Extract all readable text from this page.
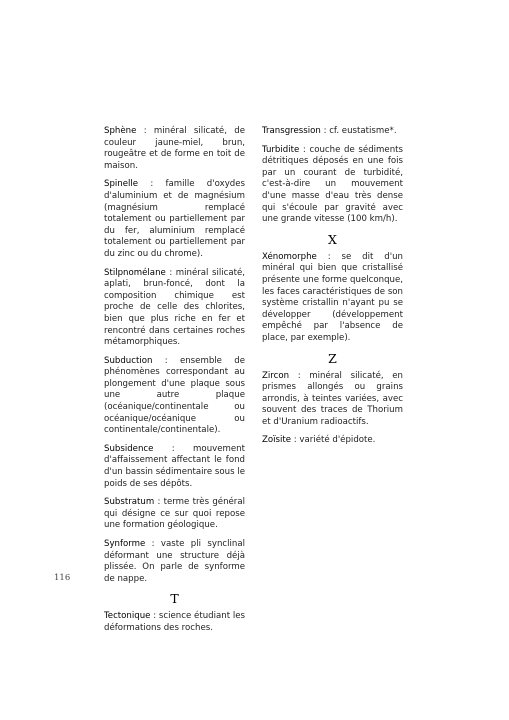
Sphène : minéral silicaté, de couleur jaune-miel, brun, rougeâtre et de forme en toit de maison.

Spinelle : famille d'oxydes d'aluminium et de magnésium (magnésium remplacé totalement ou partiellement par du fer, aluminium remplacé totalement ou partiellement par du zinc ou du chrome).

Stilpnomélane : minéral silicaté, aplati, brun-foncé, dont la composition chimique est proche de celle des chlorites, bien que plus riche en fer et rencontré dans certaines roches métamorphiques.

Subduction : ensemble de phénomènes correspondant au plongement d'une plaque sous une autre plaque (océanique/continentale ou océanique/océanique ou continentale/continentale).

Subsidence : mouvement d'affaissement affectant le fond d'un bassin sédimentaire sous le poids de ses dépôts.

Substratum : terme très général qui désigne ce sur quoi repose une formation géologique.

Synforme : vaste pli synclinal déformant une structure déjà plissée. On parle de synforme de nappe.

T

Tectonique : science étudiant les déformations des roches.

Transgression : cf. eustatisme*.

Turbidite : couche de sédiments détritiques déposés en une fois par un courant de turbidité, c'est-à-dire un mouvement d'une masse d'eau très dense qui s'écoule par gravité avec une grande vitesse (100 km/h).

X

Xénomorphe : se dit d'un minéral qui bien que cristallisé présente une forme quelconque, les faces caractéristiques de son système cristallin n'ayant pu se développer (développement empêché par l'absence de place, par exemple).

Z

Zircon : minéral silicaté, en prismes allongés ou grains arrondis, à teintes variées, avec souvent des traces de Thorium et d'Uranium radioactifs.

Zoïsite : variété d'épidote.

116
